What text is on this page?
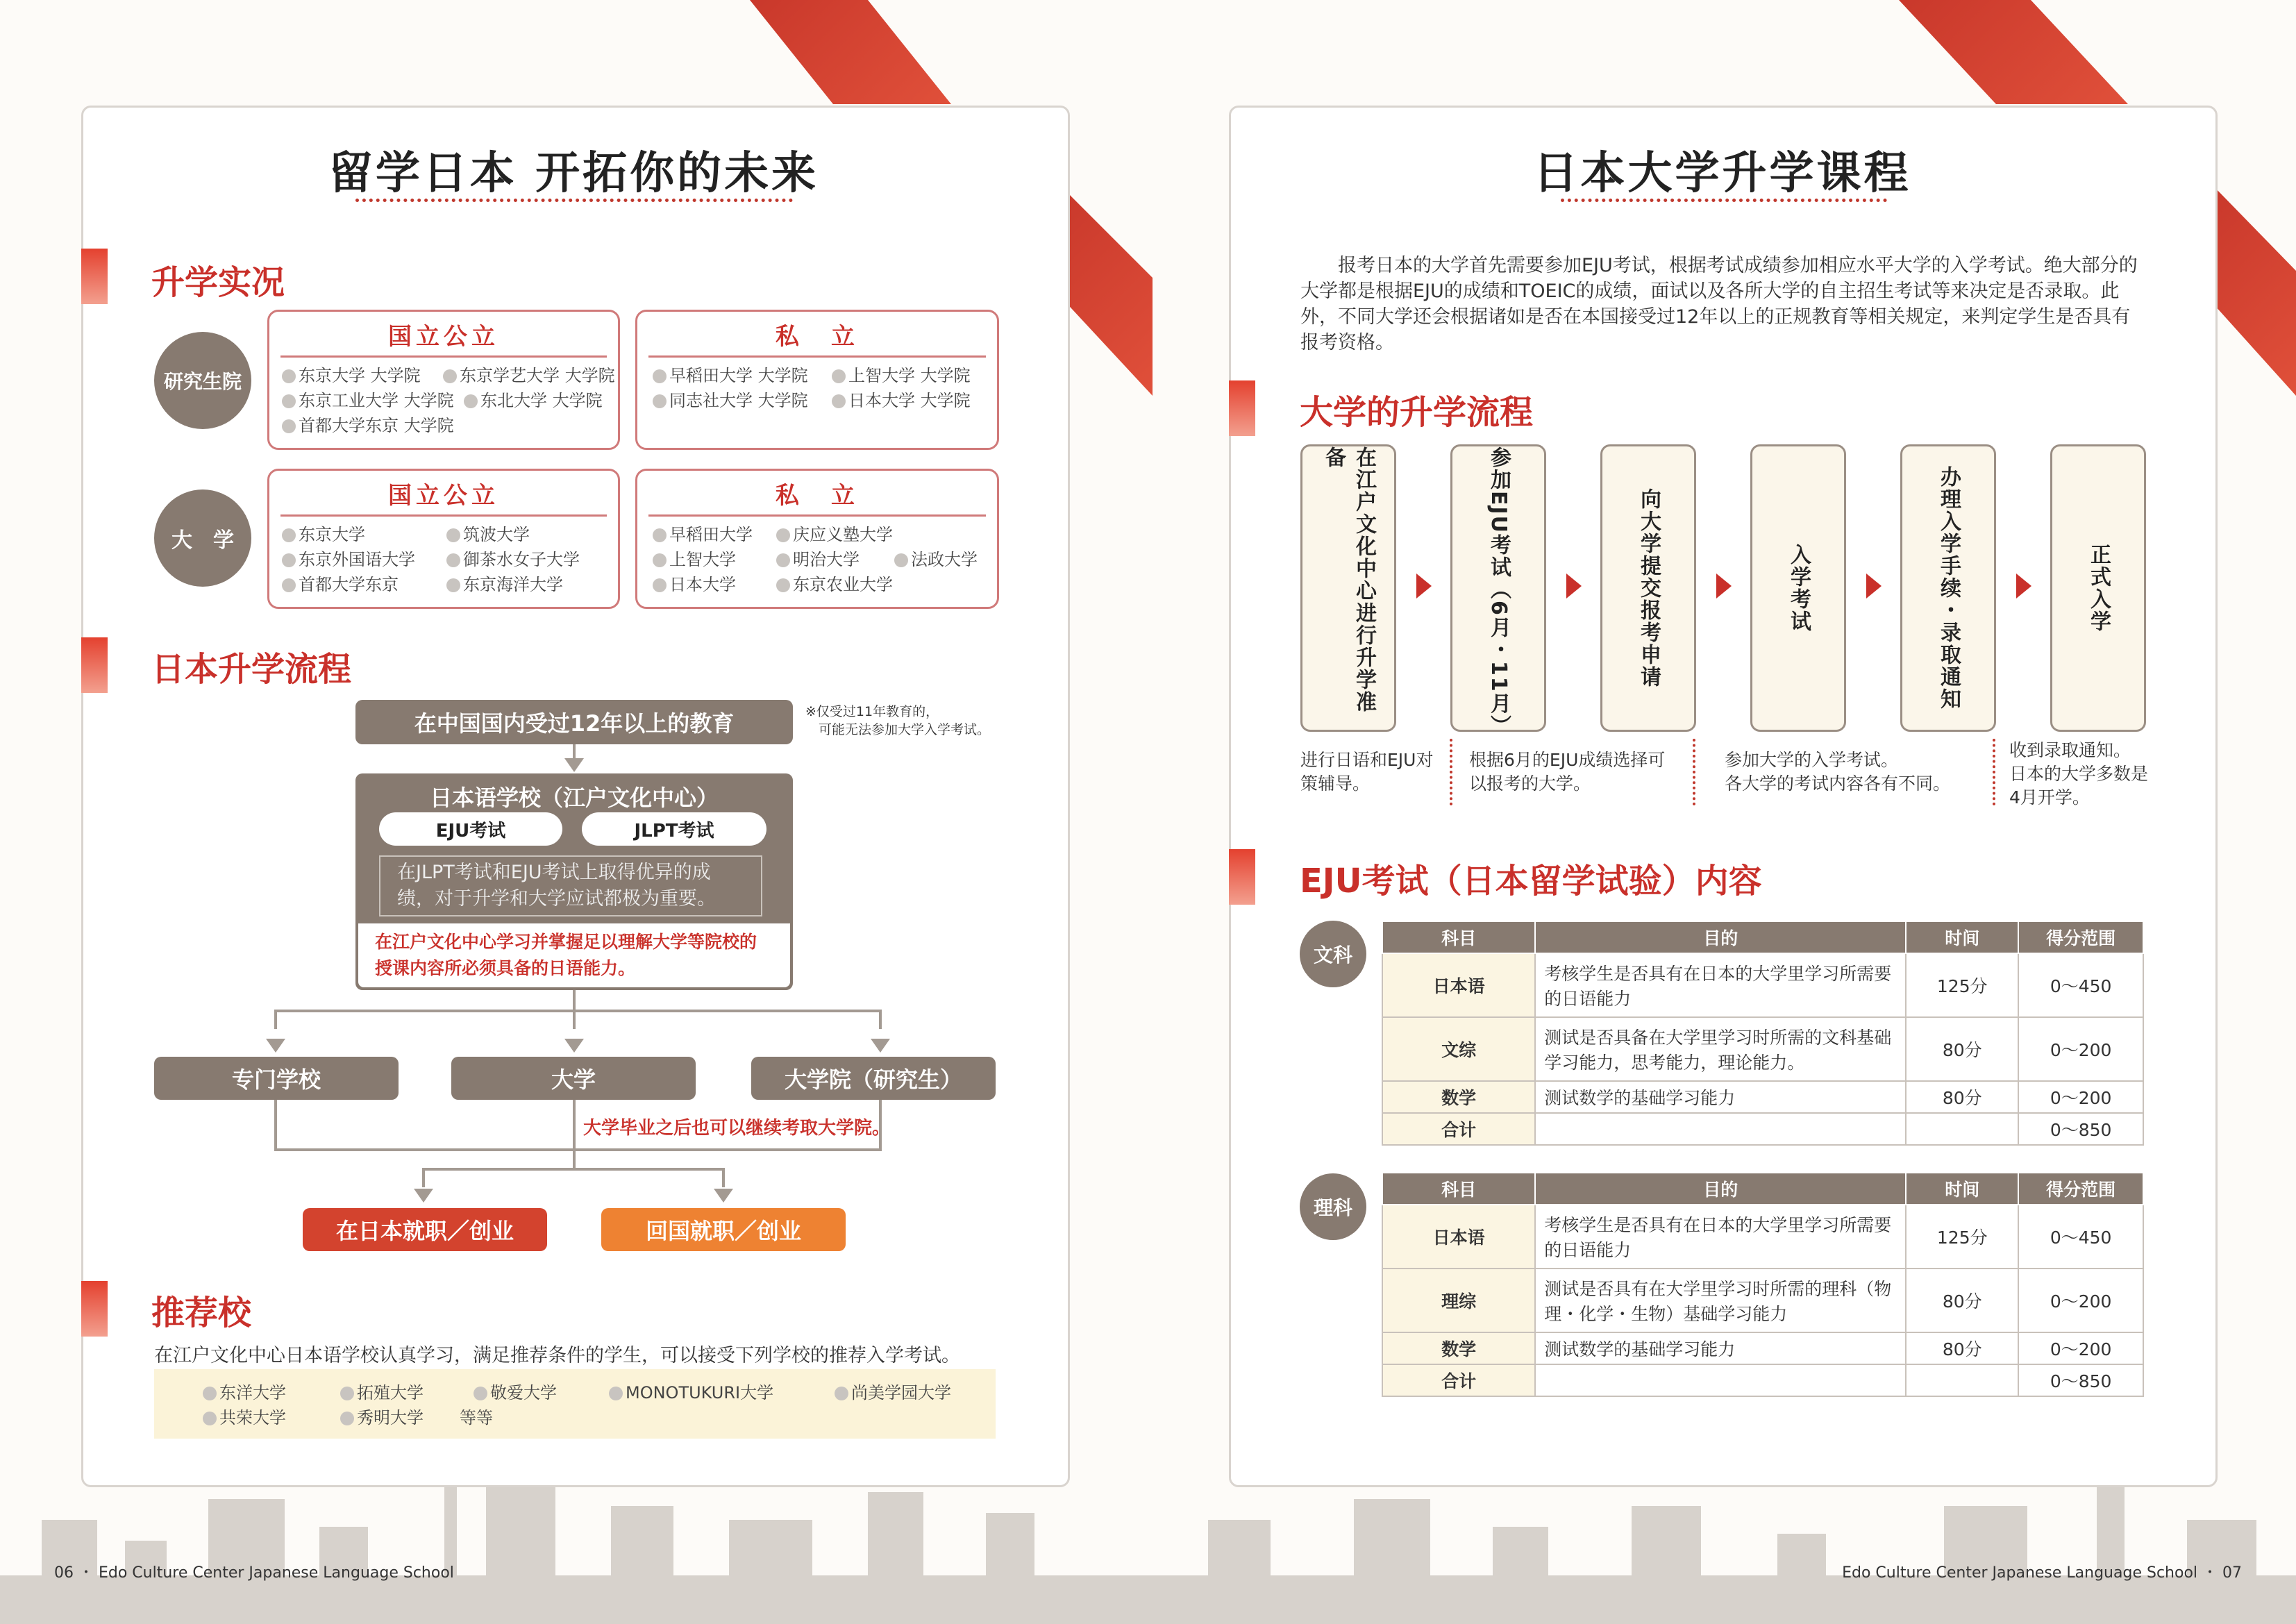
留学日本 开拓你的未来
升学实况
研究生院
大　学
国立公立
东京大学 大学院	东京学艺大学 大学院
东京工业大学 大学院	东北大学 大学院
首都大学东京 大学院
私　立
早稻田大学 大学院	上智大学 大学院
同志社大学 大学院	日本大学 大学院
国立公立
东京大学	筑波大学
东京外国语大学	御茶水女子大学
首都大学东京	东京海洋大学
私　立
早稻田大学	庆应义塾大学
上智大学	明治大学	法政大学
日本大学	东京农业大学
日本升学流程
在中国国内受过12年以上的教育	※仅受过11年教育的，
　可能无法参加大学入学考试。
日本语学校（江户文化中心）
EJU考试	JLPT考试
在JLPT考试和EJU考试上取得优异的成绩，对于升学和大学应试都极为重要。
在江户文化中心学习并掌握足以理解大学等院校的授课内容所必须具备的日语能力。
专门学校	大学	大学院（研究生）
大学毕业之后也可以继续考取大学院。
在日本就职／创业	回国就职／创业
推荐校
在江户文化中心日本语学校认真学习，满足推荐条件的学生，可以接受下列学校的推荐入学考试。
东洋大学	拓殖大学	敬爱大学	MONOTUKURI大学	尚美学园大学
共荣大学	秀明大学 等等
06 ・ Edo Culture Center Japanese Language School
日本大学升学课程
报考日本的大学首先需要参加EJU考试，根据考试成绩参加相应水平大学的入学考试。绝大部分的大学都是根据EJU的成绩和TOEIC的成绩，面试以及各所大学的自主招生考试等来决定是否录取。此外，不同大学还会根据诸如是否在本国接受过12年以上的正规教育等相关规定，来判定学生是否具有报考资格。
大学的升学流程
在江户文化中心进行升学准备	参加EJU考试（6月・11月）	向大学提交报考申请	入学考试	办理入学手续・录取通知	正式入学
进行日语和EJU对策辅导。
根据6月的EJU成绩选择可以报考的大学。
参加大学的入学考试。
各大学的考试内容各有不同。
收到录取通知。
日本的大学多数是4月开学。
EJU考试（日本留学试验）内容
文科
科目	目的	时间	得分范围
日本语	考核学生是否具有在日本的大学里学习所需要的日语能力	125分	0～450
文综	测试是否具备在大学里学习时所需的文科基础学习能力，思考能力，理论能力。	80分	0～200
数学	测试数学的基础学习能力	80分	0～200
合计			0～850
理科
科目	目的	时间	得分范围
日本语	考核学生是否具有在日本的大学里学习所需要的日语能力	125分	0～450
理综	测试是否具有在大学里学习时所需的理科（物理・化学・生物）基础学习能力	80分	0～200
数学	测试数学的基础学习能力	80分	0～200
合计			0～850
Edo Culture Center Japanese Language School ・ 07
